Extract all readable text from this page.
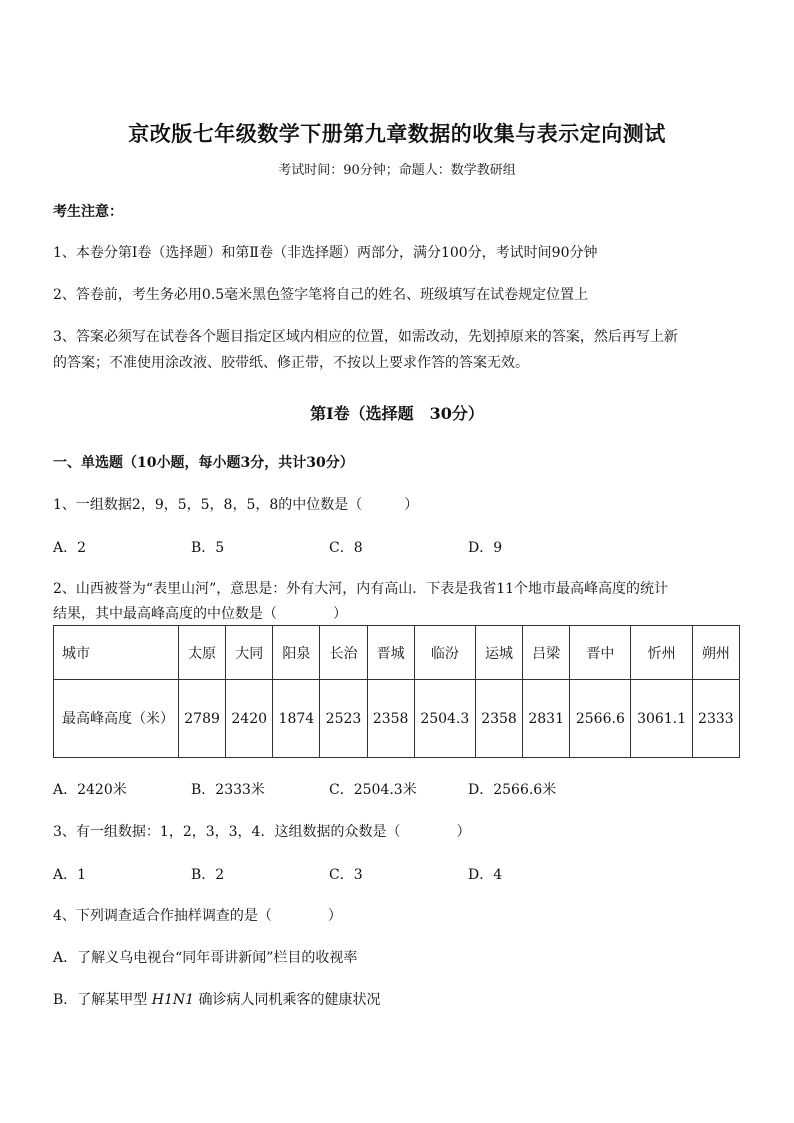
京改版七年级数学下册第九章数据的收集与表示定向测试
考试时间：90分钟；命题人：数学教研组
考生注意：
1、本卷分第Ⅰ卷（选择题）和第Ⅱ卷（非选择题）两部分，满分100分，考试时间90分钟
2、答卷前，考生务必用0.5毫米黑色签字笔将自己的姓名、班级填写在试卷规定位置上
3、答案必须写在试卷各个题目指定区域内相应的位置，如需改动，先划掉原来的答案，然后再写上新
的答案；不准使用涂改液、胶带纸、修正带，不按以上要求作答的答案无效。
第Ⅰ卷（选择题　30分）
一、单选题（10小题，每小题3分，共计30分）
1、一组数据2，9，5，5，8，5，8的中位数是（　　　）
A．2	B．5	C．8	D．9
2、山西被誉为“表里山河”，意思是：外有大河，内有高山．下表是我省11个地市最高峰高度的统计
结果，其中最高峰高度的中位数是（　　　　）
城市	太原	大同	阳泉	长治	晋城	临汾	运城	吕梁	晋中	忻州	朔州
最高峰高度（米）	2789	2420	1874	2523	2358	2504.3	2358	2831	2566.6	3061.1	2333
A．2420米	B．2333米	C．2504.3米	D．2566.6米
3、有一组数据：1，2，3，3，4．这组数据的众数是（　　　　）
A．1	B．2	C．3	D．4
4、下列调查适合作抽样调查的是（　　　　）
A．了解义乌电视台“同年哥讲新闻”栏目的收视率
B．了解某甲型 H1N1 确诊病人同机乘客的健康状况
